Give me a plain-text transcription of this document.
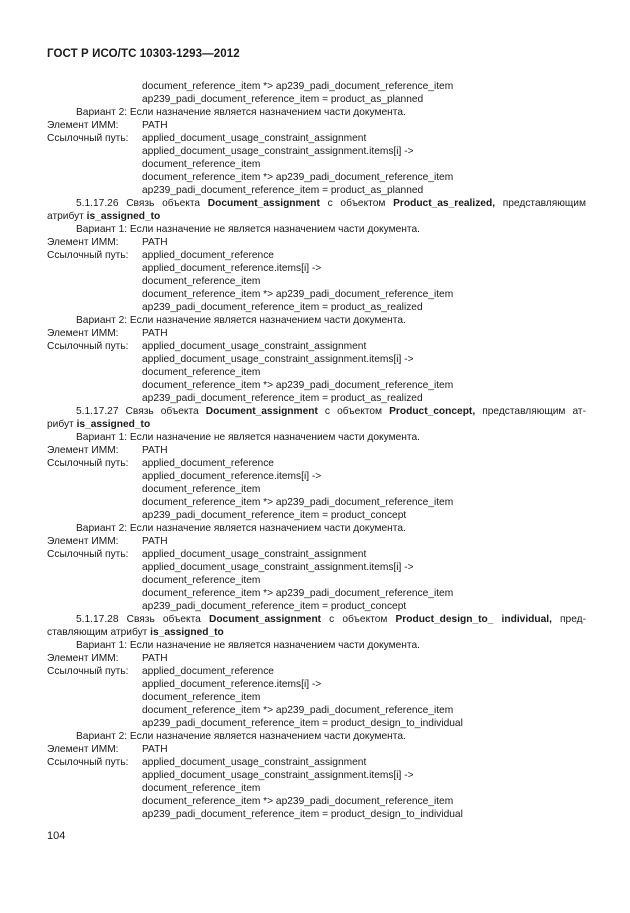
ГОСТ Р ИСО/ТС 10303-1293—2012
document_reference_item *> ap239_padi_document_reference_item
ap239_padi_document_reference_item = product_as_planned
Вариант 2: Если назначение является назначением части документа.
Элемент ИММ: PATH
Ссылочный путь: applied_document_usage_constraint_assignment
applied_document_usage_constraint_assignment.items[i] ->
document_reference_item
document_reference_item *> ap239_padi_document_reference_item
ap239_padi_document_reference_item = product_as_planned
5.1.17.26 Связь объекта Document_assignment с объектом Product_as_realized, представляющим
атрибут is_assigned_to
Вариант 1: Если назначение не является назначением части документа.
Элемент ИММ: PATH
Ссылочный путь: applied_document_reference
applied_document_reference.items[i] ->
document_reference_item
document_reference_item *> ap239_padi_document_reference_item
ap239_padi_document_reference_item = product_as_realized
Вариант 2: Если назначение является назначением части документа.
Элемент ИММ: PATH
Ссылочный путь: applied_document_usage_constraint_assignment
applied_document_usage_constraint_assignment.items[i] ->
document_reference_item
document_reference_item *> ap239_padi_document_reference_item
ap239_padi_document_reference_item = product_as_realized
5.1.17.27 Связь объекта Document_assignment с объектом Product_concept, представляющим ат-
рибут is_assigned_to
Вариант 1: Если назначение не является назначением части документа.
Элемент ИММ: PATH
Ссылочный путь: applied_document_reference
applied_document_reference.items[i] ->
document_reference_item
document_reference_item *> ap239_padi_document_reference_item
ap239_padi_document_reference_item = product_concept
Вариант 2: Если назначение является назначением части документа.
Элемент ИММ: PATH
Ссылочный путь: applied_document_usage_constraint_assignment
applied_document_usage_constraint_assignment.items[i] ->
document_reference_item
document_reference_item *> ap239_padi_document_reference_item
ap239_padi_document_reference_item = product_concept
5.1.17.28 Связь объекта Document_assignment с объектом Product_design_to_ individual, пред-
ставляющим атрибут is_assigned_to
Вариант 1: Если назначение не является назначением части документа.
Элемент ИММ: PATH
Ссылочный путь: applied_document_reference
applied_document_reference.items[i] ->
document_reference_item
document_reference_item *> ap239_padi_document_reference_item
ap239_padi_document_reference_item = product_design_to_individual
Вариант 2: Если назначение является назначением части документа.
Элемент ИММ: PATH
Ссылочный путь: applied_document_usage_constraint_assignment
applied_document_usage_constraint_assignment.items[i] ->
document_reference_item
document_reference_item *> ap239_padi_document_reference_item
ap239_padi_document_reference_item = product_design_to_individual
104
